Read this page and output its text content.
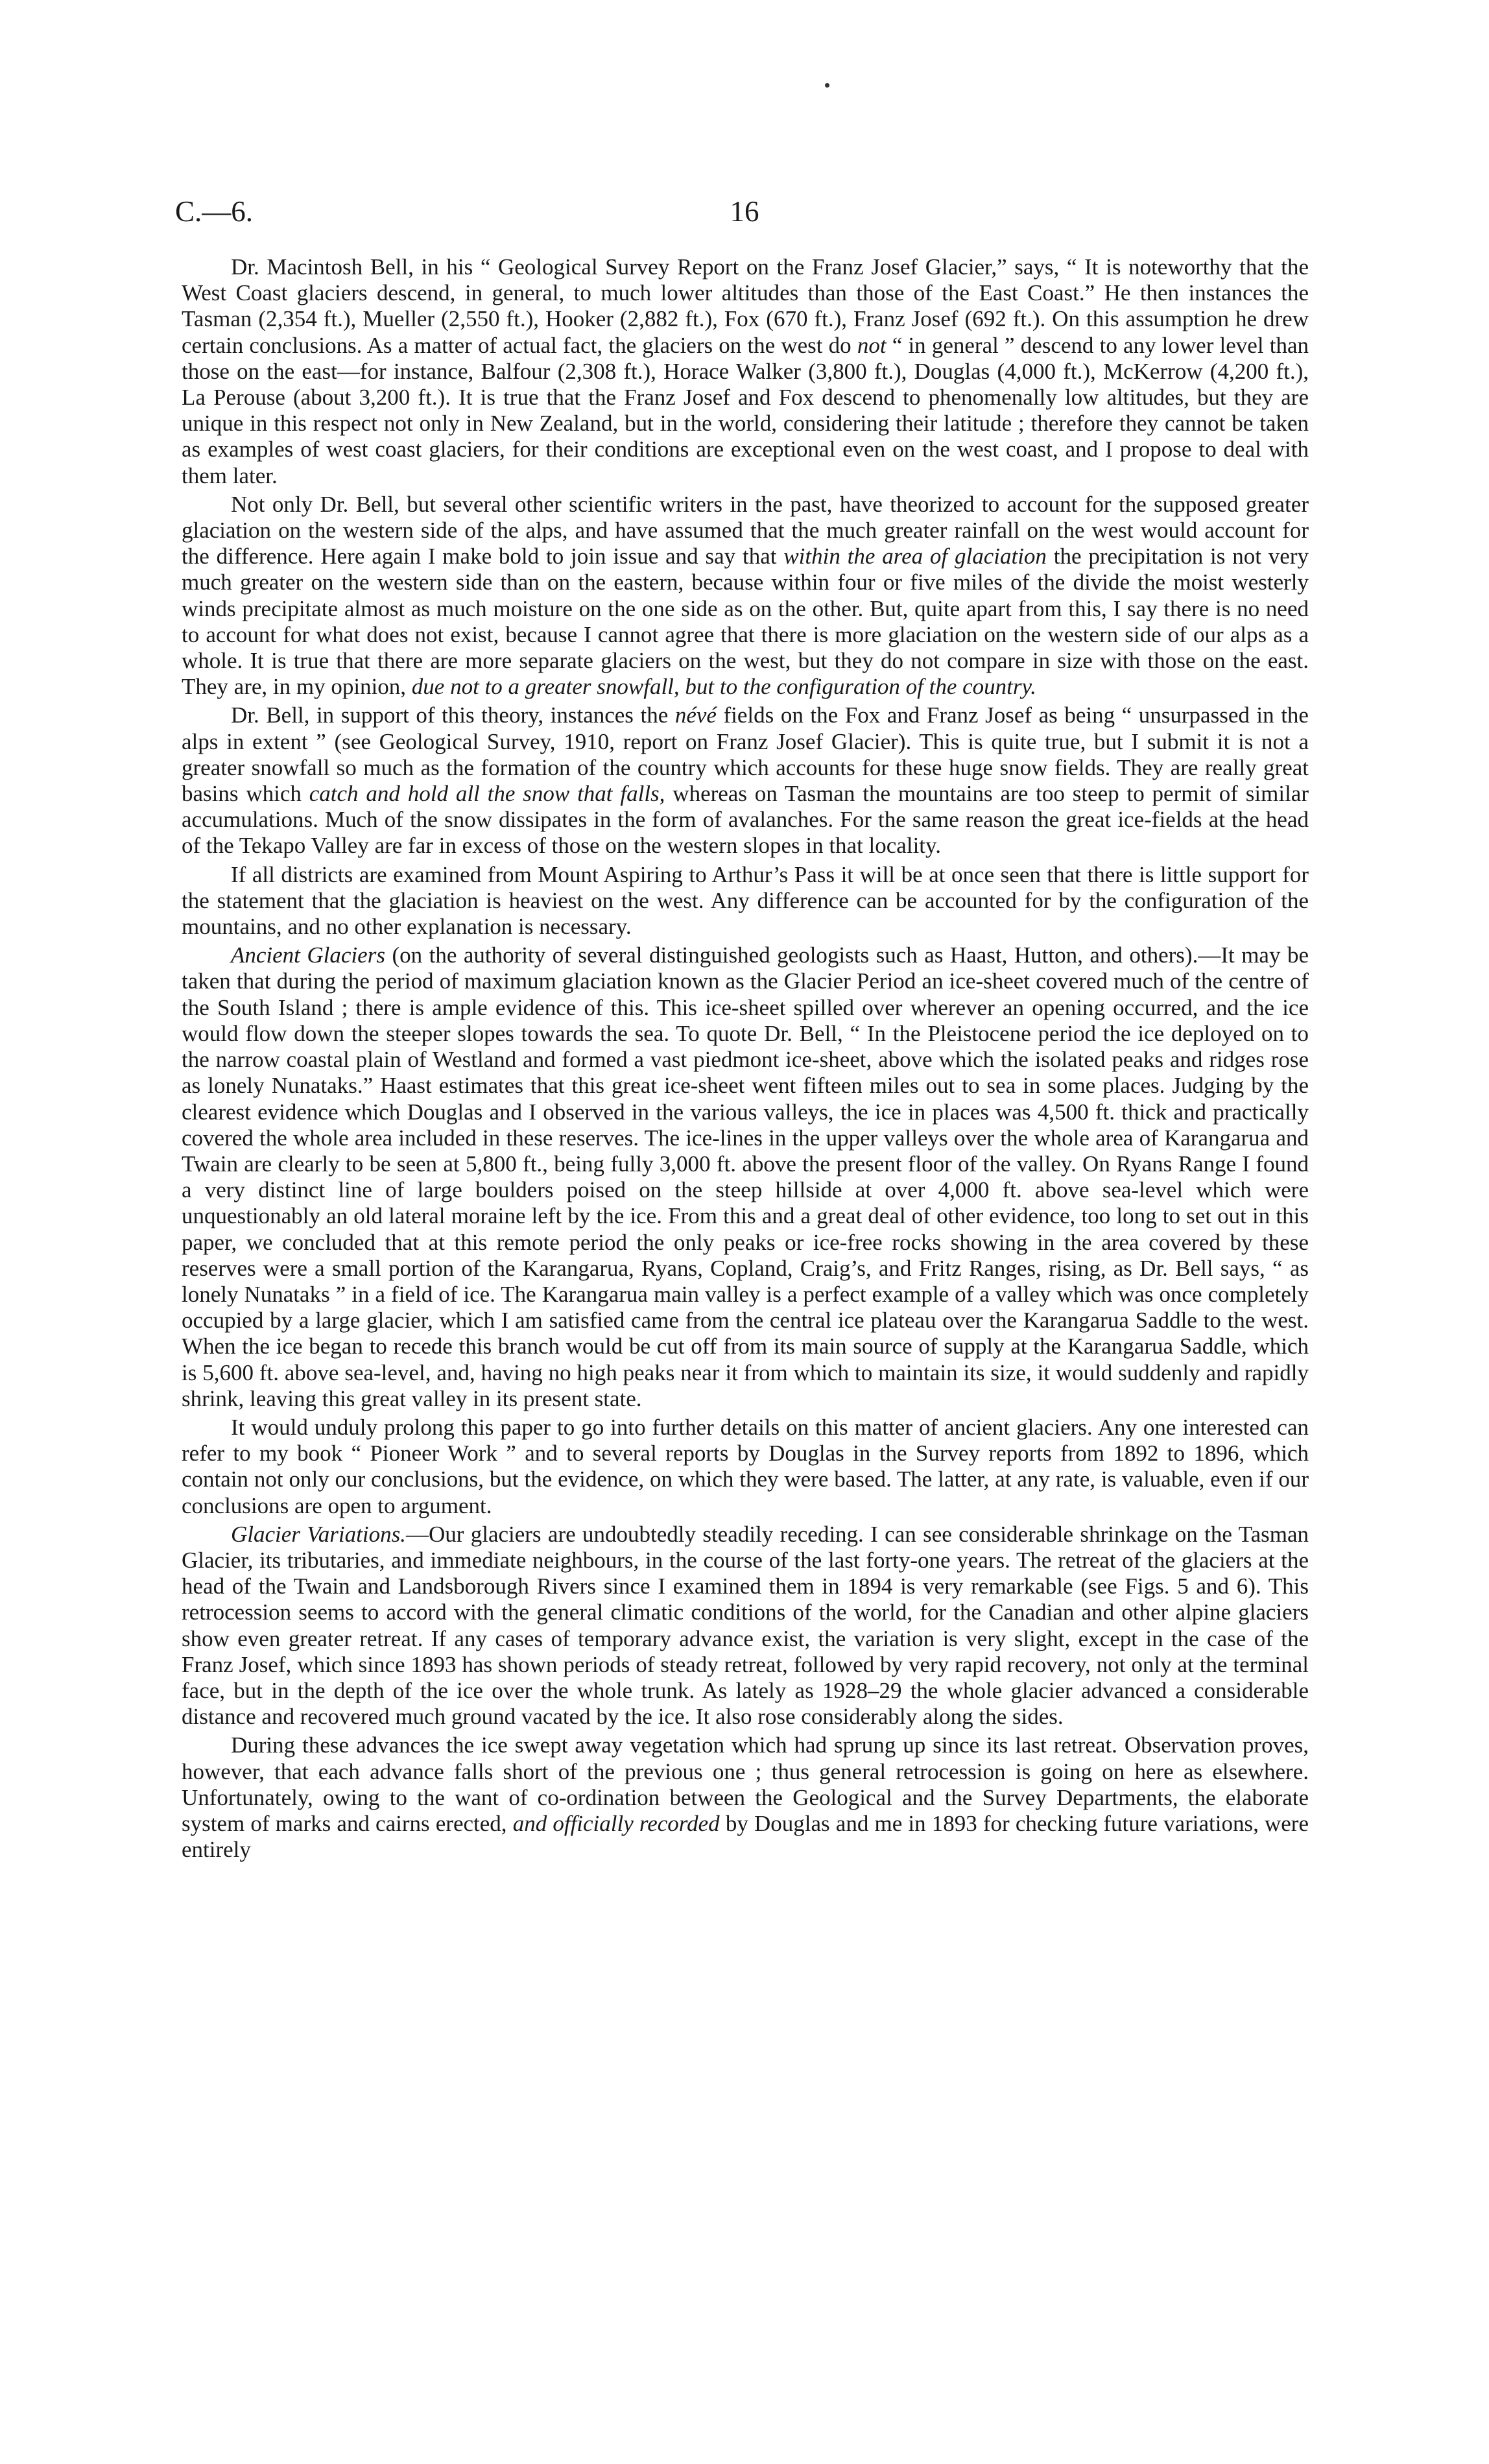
C.—6.	16

Dr. Macintosh Bell, in his “ Geological Survey Report on the Franz Josef Glacier,” says, “ It is noteworthy that the West Coast glaciers descend, in general, to much lower altitudes than those of the East Coast.” He then instances the Tasman (2,354 ft.), Mueller (2,550 ft.), Hooker (2,882 ft.), Fox (670 ft.), Franz Josef (692 ft.). On this assumption he drew certain conclusions. As a matter of actual fact, the glaciers on the west do not “ in general ” descend to any lower level than those on the east—for instance, Balfour (2,308 ft.), Horace Walker (3,800 ft.), Douglas (4,000 ft.), McKerrow (4,200 ft.), La Perouse (about 3,200 ft.). It is true that the Franz Josef and Fox descend to phenomenally low altitudes, but they are unique in this respect not only in New Zealand, but in the world, considering their latitude ; therefore they cannot be taken as examples of west coast glaciers, for their conditions are exceptional even on the west coast, and I propose to deal with them later.

Not only Dr. Bell, but several other scientific writers in the past, have theorized to account for the supposed greater glaciation on the western side of the alps, and have assumed that the much greater rainfall on the west would account for the difference. Here again I make bold to join issue and say that within the area of glaciation the precipitation is not very much greater on the western side than on the eastern, because within four or five miles of the divide the moist westerly winds precipitate almost as much moisture on the one side as on the other. But, quite apart from this, I say there is no need to account for what does not exist, because I cannot agree that there is more glaciation on the western side of our alps as a whole. It is true that there are more separate glaciers on the west, but they do not compare in size with those on the east. They are, in my opinion, due not to a greater snowfall, but to the configuration of the country.

Dr. Bell, in support of this theory, instances the névé fields on the Fox and Franz Josef as being “ unsurpassed in the alps in extent ” (see Geological Survey, 1910, report on Franz Josef Glacier). This is quite true, but I submit it is not a greater snowfall so much as the formation of the country which accounts for these huge snow fields. They are really great basins which catch and hold all the snow that falls, whereas on Tasman the mountains are too steep to permit of similar accumulations. Much of the snow dissipates in the form of avalanches. For the same reason the great ice-fields at the head of the Tekapo Valley are far in excess of those on the western slopes in that locality.

If all districts are examined from Mount Aspiring to Arthur’s Pass it will be at once seen that there is little support for the statement that the glaciation is heaviest on the west. Any difference can be accounted for by the configuration of the mountains, and no other explanation is necessary.

Ancient Glaciers (on the authority of several distinguished geologists such as Haast, Hutton, and others).—It may be taken that during the period of maximum glaciation known as the Glacier Period an ice-sheet covered much of the centre of the South Island ; there is ample evidence of this. This ice-sheet spilled over wherever an opening occurred, and the ice would flow down the steeper slopes towards the sea. To quote Dr. Bell, “ In the Pleistocene period the ice deployed on to the narrow coastal plain of Westland and formed a vast piedmont ice-sheet, above which the isolated peaks and ridges rose as lonely Nunataks.” Haast estimates that this great ice-sheet went fifteen miles out to sea in some places. Judging by the clearest evidence which Douglas and I observed in the various valleys, the ice in places was 4,500 ft. thick and practically covered the whole area included in these reserves. The ice-lines in the upper valleys over the whole area of Karangarua and Twain are clearly to be seen at 5,800 ft., being fully 3,000 ft. above the present floor of the valley. On Ryans Range I found a very distinct line of large boulders poised on the steep hillside at over 4,000 ft. above sea-level which were unquestionably an old lateral moraine left by the ice. From this and a great deal of other evidence, too long to set out in this paper, we concluded that at this remote period the only peaks or ice-free rocks showing in the area covered by these reserves were a small portion of the Karangarua, Ryans, Copland, Craig’s, and Fritz Ranges, rising, as Dr. Bell says, “ as lonely Nunataks ” in a field of ice. The Karangarua main valley is a perfect example of a valley which was once completely occupied by a large glacier, which I am satisfied came from the central ice plateau over the Karangarua Saddle to the west. When the ice began to recede this branch would be cut off from its main source of supply at the Karangarua Saddle, which is 5,600 ft. above sea-level, and, having no high peaks near it from which to maintain its size, it would suddenly and rapidly shrink, leaving this great valley in its present state.

It would unduly prolong this paper to go into further details on this matter of ancient glaciers. Any one interested can refer to my book “ Pioneer Work ” and to several reports by Douglas in the Survey reports from 1892 to 1896, which contain not only our conclusions, but the evidence, on which they were based. The latter, at any rate, is valuable, even if our conclusions are open to argument.

Glacier Variations.—Our glaciers are undoubtedly steadily receding. I can see considerable shrinkage on the Tasman Glacier, its tributaries, and immediate neighbours, in the course of the last forty-one years. The retreat of the glaciers at the head of the Twain and Landsborough Rivers since I examined them in 1894 is very remarkable (see Figs. 5 and 6). This retrocession seems to accord with the general climatic conditions of the world, for the Canadian and other alpine glaciers show even greater retreat. If any cases of temporary advance exist, the variation is very slight, except in the case of the Franz Josef, which since 1893 has shown periods of steady retreat, followed by very rapid recovery, not only at the terminal face, but in the depth of the ice over the whole trunk. As lately as 1928–29 the whole glacier advanced a considerable distance and recovered much ground vacated by the ice. It also rose considerably along the sides.

During these advances the ice swept away vegetation which had sprung up since its last retreat. Observation proves, however, that each advance falls short of the previous one ; thus general retrocession is going on here as elsewhere. Unfortunately, owing to the want of co-ordination between the Geological and the Survey Departments, the elaborate system of marks and cairns erected, and officially recorded by Douglas and me in 1893 for checking future variations, were entirely
